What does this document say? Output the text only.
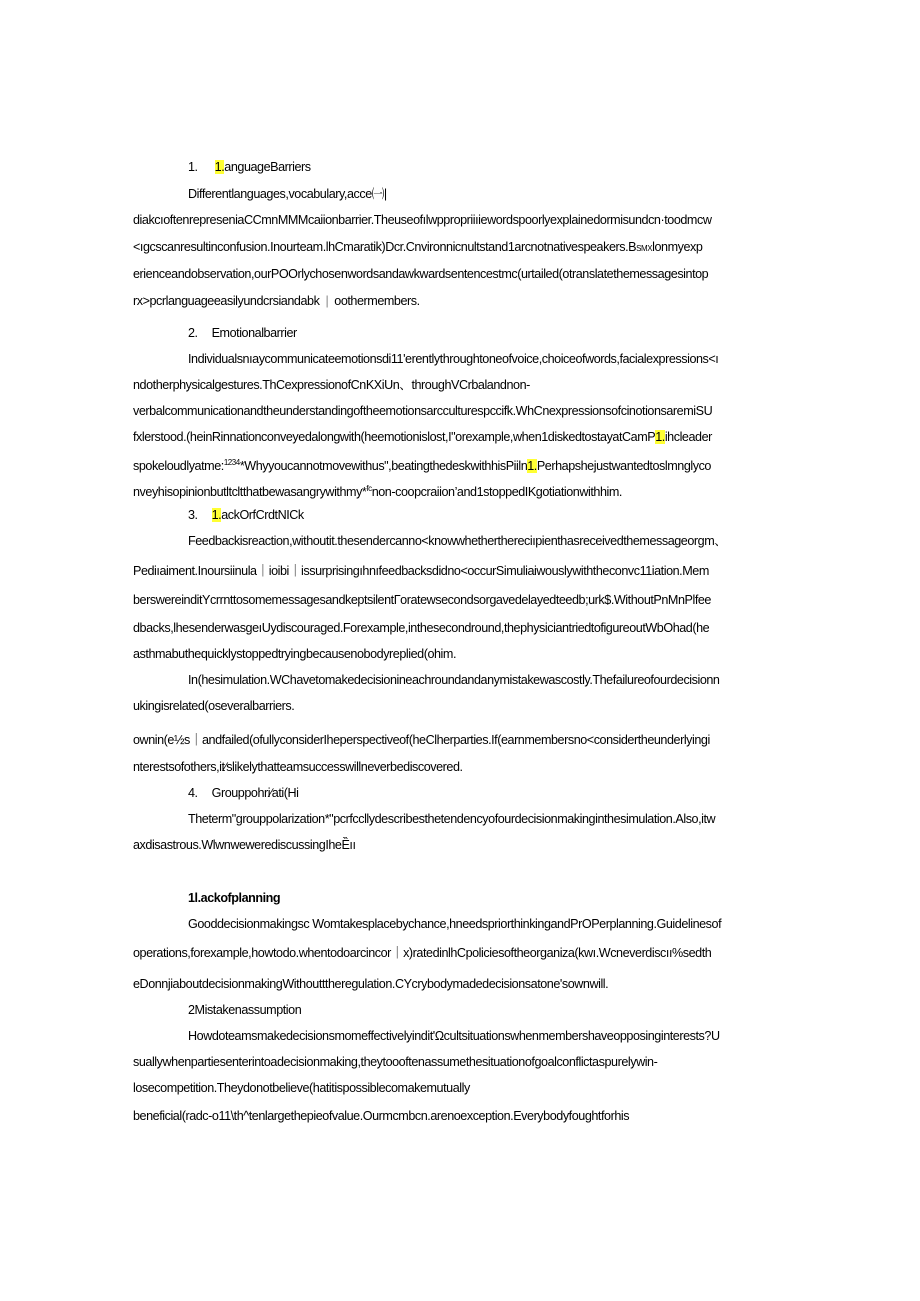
1. 1.anguageBarriers
Differentlanguages,vocabulary,acce㈠|
diakcıoftenrepreseniaCCmnMMMcaiionbarrier.Theuseofılwppropriiıiewordspoorlyexplainedormisundcn·toodmcw
<ıgcscanresultinconfusion.Inourteam.lhCmaratik)Dcr.Cnvironnicnultstand1arcnotnativespeakers.BSMXlonmyexp
erienceandobservation,ourPOOrlychosenwordsandawkwardsentencestmc(urtailed(otranslatethemessagesintop
rx>pcrlanguageeasilyundcrsiandabk | oothermembers.
2. Emotionalbarrier
Individualsnıaycommunicateemotionsdi11'erentlythroughtoneofvoice,choiceofwords,facialexpressions<ı
ndotherphysicalgestures.ThCexpressionofCnKXiUn、throughVCrbalandnon-
verbalcommunicationandtheunderstandingoftheemotionsarcculturespccifk.WhCnexpressionsofcinotionsaremiSU
fxlerstood.(heinRinnationconveyedalongwith(heemotionislost,I"orexample,when1diskedtostayatCamP1.ihcleader
spokeloudlyatme:$^{1234}$*Whyyoucannotmovewithus",beatingthedeskwithhisPiiln1.Perhapshejustwantedtoslmnglyco
nveyhisopinionbutltcltthatbewasangrywithmy*$^{fc}$non-coopcraiion’and1stoppedIKgotiationwithhim.
3. 1.ackOrfCrdtNICk
Feedbackisreaction,withoutit.thesendercanno<knowwhetherthereciıpienthasreceivedthemessageorgm、
Pediıaiment.Inoursiinula｜ioibi｜issurprisingıhnıfeedbacksdidno<occurSimuliaiwouslywiththeconvc11iation.Mem
berswereinditYcrrnttosomemessagesandkeptsilentΓoratewsecondsorgavedelayedteedb;urk$.WithoutPnMnPlfee
dbacks,lhesenderwasgeıUydiscouraged.Forexample,inthesecondround,thephysiciantriedtofigureoutWbOhad(he
asthmabuthequicklystoppedtryingbecausenobodyreplied(ohim.
In(hesimulation.WChavetomakedecisionineachroundandanymistakewascostly.Thefailureofourdecisionn
ukingisrelated(oseveralbarriers.
ownin(e½s｜andfailed(ofullyconsiderIheperspectiveof(heClherparties.If(earnmembersno<considertheunderlyingi
nterestsofothers,it∕slikelythatteamsuccesswillneverbediscovered.
4. Grouppohri∕ati(Hi
Theterm"grouppolarization*"pcrfccllydescribesthetendencyofourdecisionmakinginthesimulation.Also,itw
axdisastrous.WlwnwewerediscussingIheȄıı
1l.ackofplanning
Gooddecisionmakingsc Womtakesplacebychance,hneedspriorthinkingandPrOPerplanning.Guidelinesof
operations,forexample,howtodo.whentodoarcincor｜x)ratedinlhCpoliciesoftheorganiza(kwı.Wcneverdiscıı%sedth
eDonnjiaboutdecisionmakingWithoutttheregulation.CYcrybodymadedecisionsatone'sownwill.
2Mistakenassumption
Howdoteamsmakedecisionsmomeffectivelyindit'Ωcultsituationswhenmembershaveopposinginterests?U
suallywhenpartiesenterintoadecisionmaking,theytoooftenassumethesituationofgoalconflictaspurelywin-
losecompetition.Theydonotbelieve(hatitispossiblecomakemutually
beneficial(radc-o11\th^tenlargethepieofvalue.Ourmcmbcn.arenoexception.Everybodyfoughtforhis
